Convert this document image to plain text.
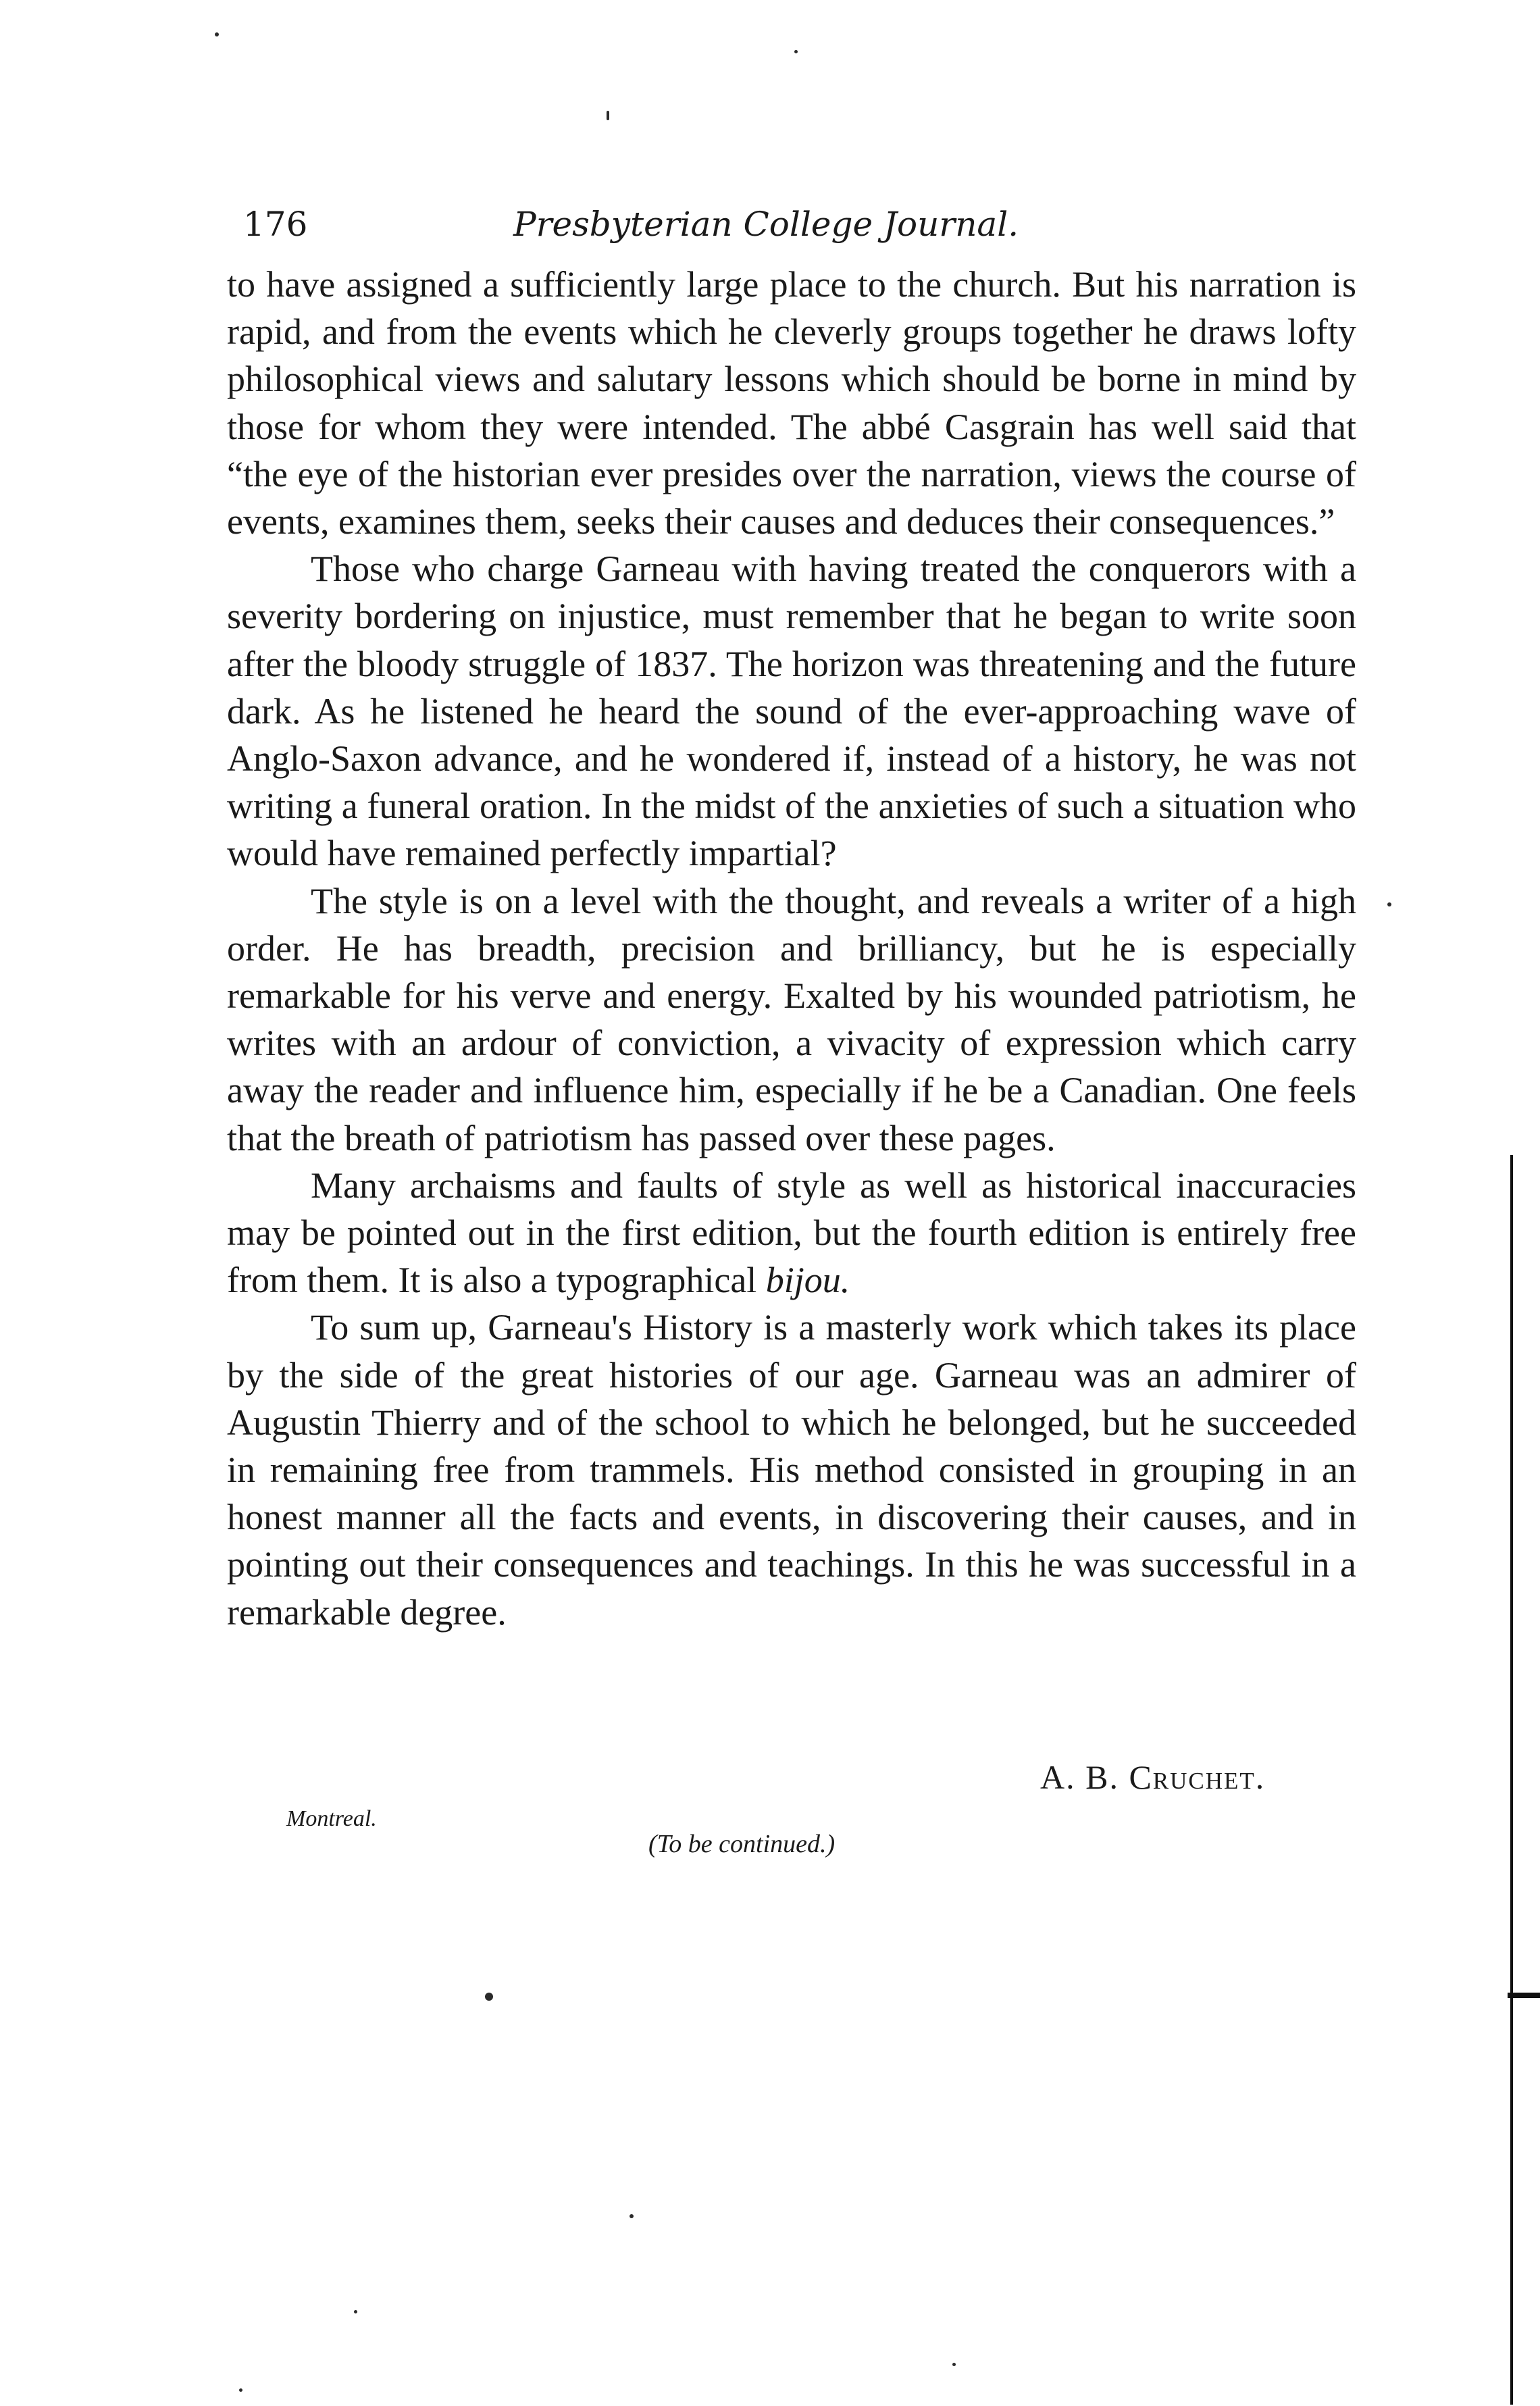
176	Presbyterian College Journal.

to have assigned a sufficiently large place to the church. But his narration is rapid, and from the events which he cleverly groups together he draws lofty philosophical views and salutary lessons which should be borne in mind by those for whom they were intended. The abbé Casgrain has well said that “the eye of the historian ever presides over the narration, views the course of events, examines them, seeks their causes and deduces their consequences.”

Those who charge Garneau with having treated the conquerors with a severity bordering on injustice, must remember that he began to write soon after the bloody struggle of 1837. The horizon was threatening and the future dark. As he listened he heard the sound of the ever-approaching wave of Anglo-Saxon advance, and he wondered if, instead of a history, he was not writing a funeral oration. In the midst of the anxieties of such a situation who would have remained perfectly impartial?

The style is on a level with the thought, and reveals a writer of a high order. He has breadth, precision and brilliancy, but he is especially remarkable for his verve and energy. Exalted by his wounded patriotism, he writes with an ardour of conviction, a vivacity of expression which carry away the reader and influence him, especially if he be a Canadian. One feels that the breath of patriotism has passed over these pages.

Many archaisms and faults of style as well as historical inaccuracies may be pointed out in the first edition, but the fourth edition is entirely free from them. It is also a typographical bijou.

To sum up, Garneau's History is a masterly work which takes its place by the side of the great histories of our age. Garneau was an admirer of Augustin Thierry and of the school to which he belonged, but he succeeded in remaining free from trammels. His method consisted in grouping in an honest manner all the facts and events, in discovering their causes, and in pointing out their consequences and teachings. In this he was successful in a remarkable degree.

A. B. Cruchet.
Montreal.
(To be continued.)
